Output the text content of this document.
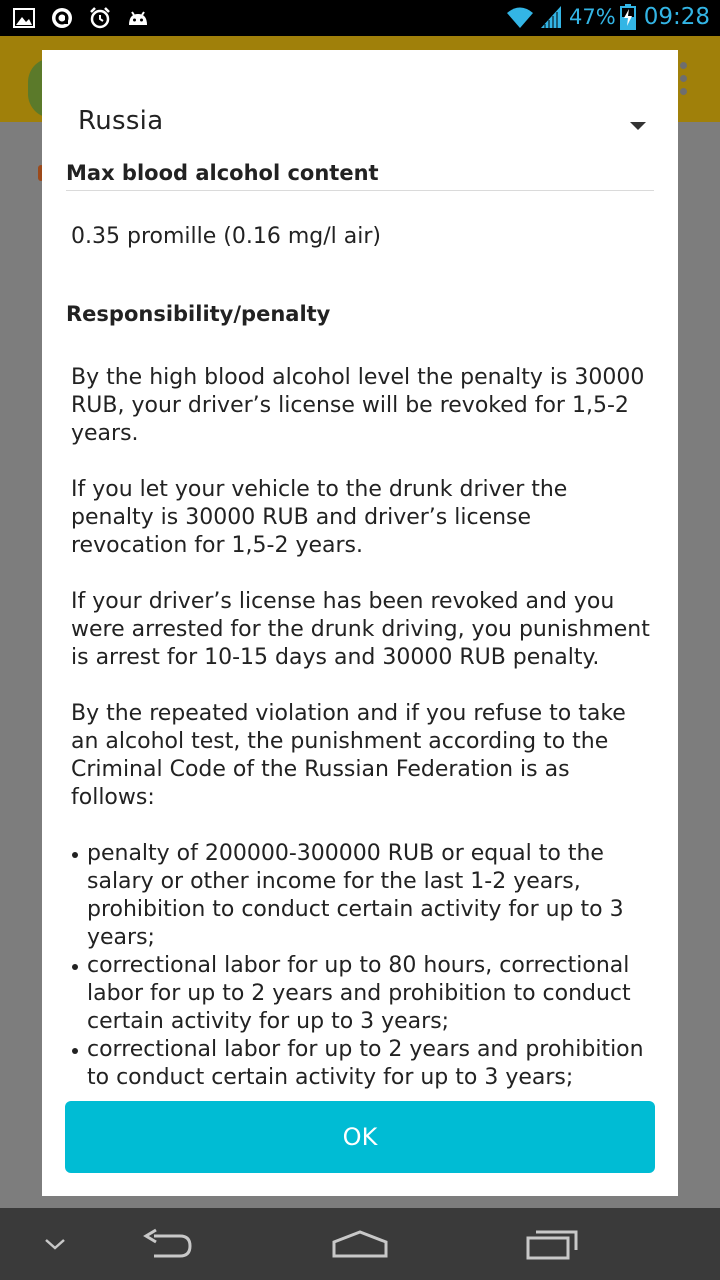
47% 09:28
Russia
Max blood alcohol content
0.35 promille (0.16 mg/l air)
Responsibility/penalty

By the high blood alcohol level the penalty is 30000 RUB, your driver’s license will be revoked for 1,5-2 years.

If you let your vehicle to the drunk driver the penalty is 30000 RUB and driver’s license revocation for 1,5-2 years.

If your driver’s license has been revoked and you were arrested for the drunk driving, you punishment is arrest for 10-15 days and 30000 RUB penalty.

By the repeated violation and if you refuse to take an alcohol test, the punishment according to the Criminal Code of the Russian Federation is as follows:

penalty of 200000-300000 RUB or equal to the salary or other income for the last 1-2 years, prohibition to conduct certain activity for up to 3 years;
correctional labor for up to 80 hours, correctional labor for up to 2 years and prohibition to conduct certain activity for up to 3 years;
correctional labor for up to 2 years and prohibition to conduct certain activity for up to 3 years;
OK
